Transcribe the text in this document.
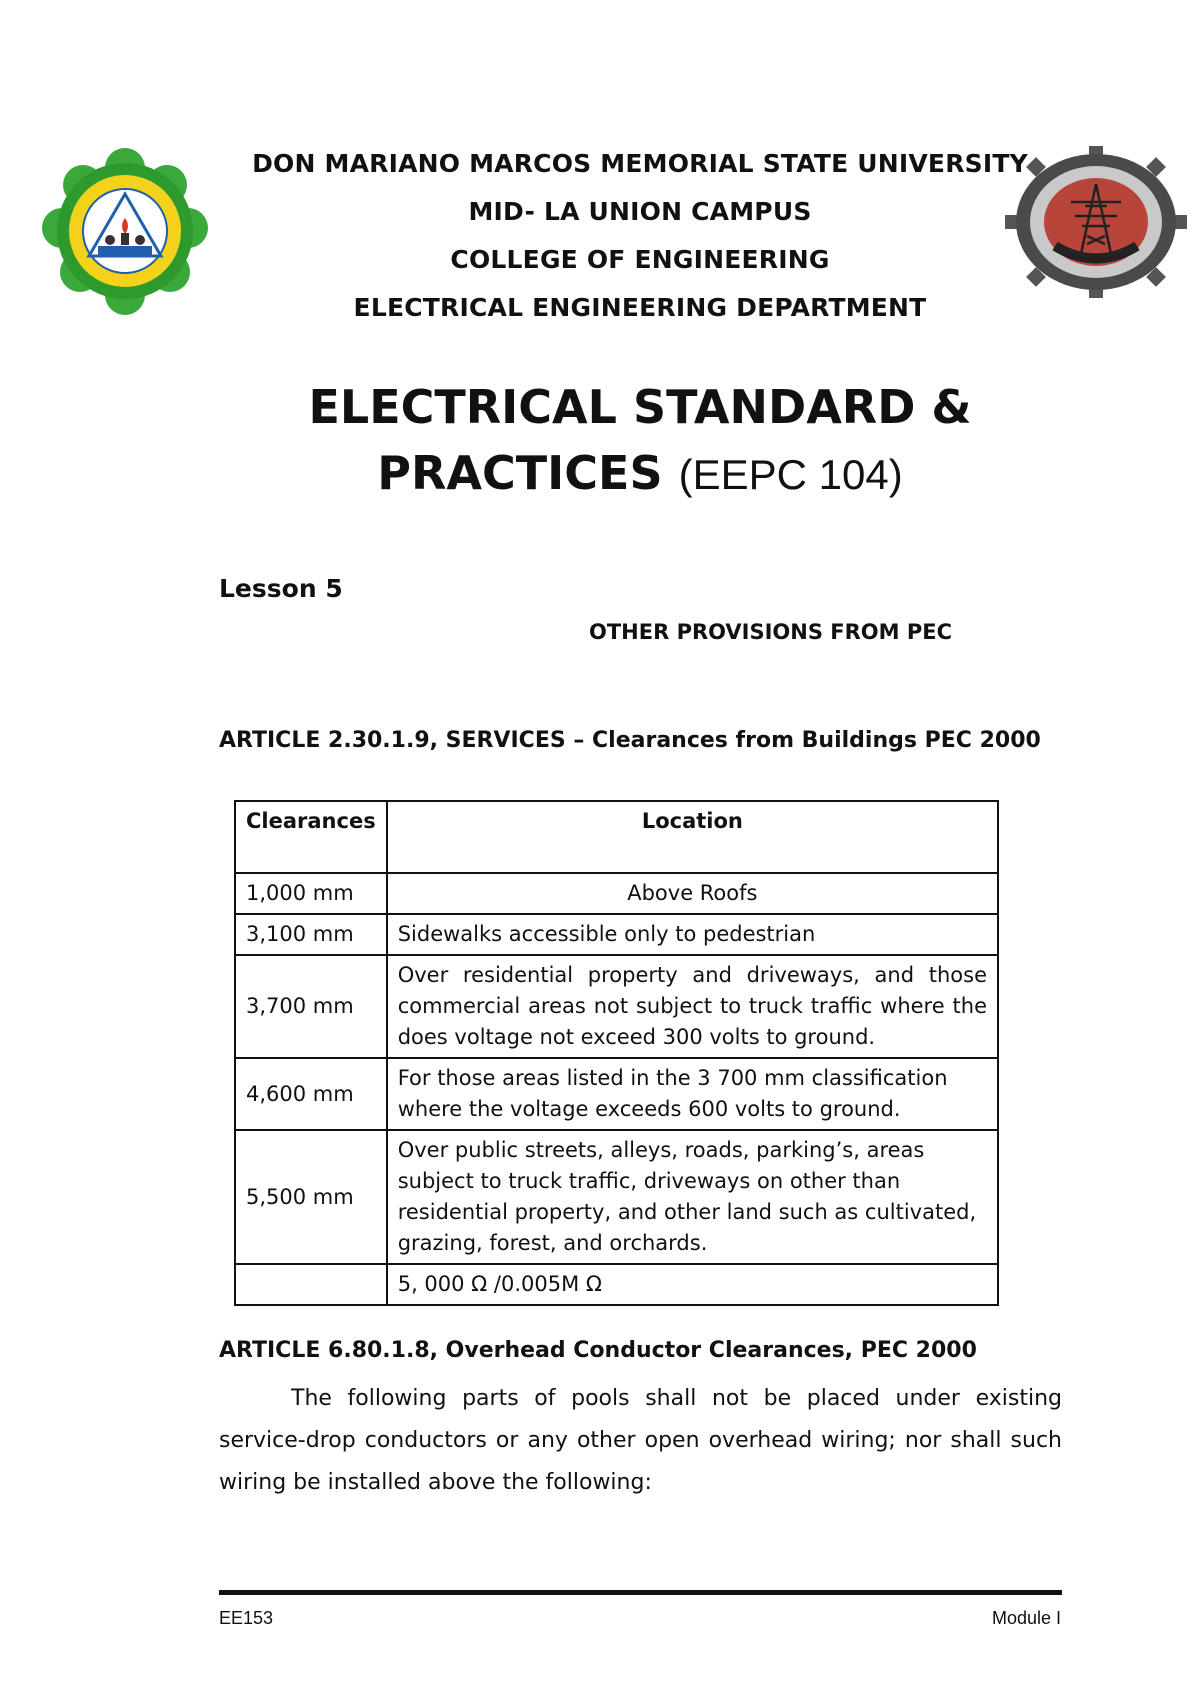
DON MARIANO MARCOS MEMORIAL STATE UNIVERSITY
MID- LA UNION CAMPUS
COLLEGE OF ENGINEERING
ELECTRICAL ENGINEERING DEPARTMENT
ELECTRICAL STANDARD &
PRACTICES (EEPC 104)
Lesson 5
OTHER PROVISIONS FROM PEC
ARTICLE 2.30.1.9, SERVICES – Clearances from Buildings PEC 2000
Clearances	Location
1,000 mm	Above Roofs
3,100 mm	Sidewalks accessible only to pedestrian
3,700 mm	Over residential property and driveways, and those commercial areas not subject to truck traffic where the does voltage not exceed 300 volts to ground.
4,600 mm	For those areas listed in the 3 700 mm classification where the voltage exceeds 600 volts to ground.
5,500 mm	Over public streets, alleys, roads, parking’s, areas subject to truck traffic, driveways on other than residential property, and other land such as cultivated, grazing, forest, and orchards.
	5, 000 Ω /0.005M Ω
ARTICLE 6.80.1.8, Overhead Conductor Clearances, PEC 2000
The following parts of pools shall not be placed under existing service-drop conductors or any other open overhead wiring; nor shall such wiring be installed above the following:
EE153	Module I
